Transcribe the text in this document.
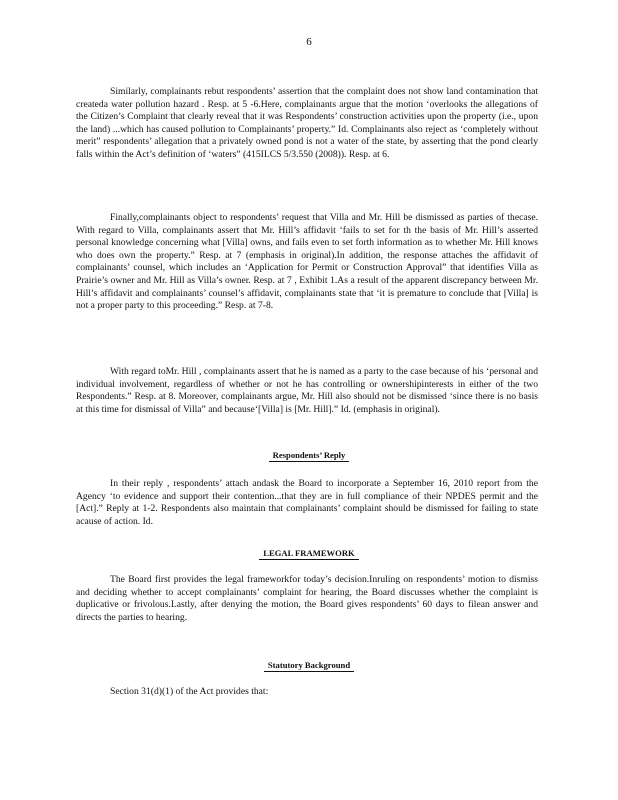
6
Similarly, complainants rebut respondents’ assertion that the complaint does not show land contamination that createda water pollution hazard . Resp. at 5 -6.Here, complainants argue that the motion ‘overlooks the allegations of the Citizen’s Complaint that clearly reveal that it was Respondents’ construction activities upon the property (i.e., upon the land) ...which has caused pollution to Complainants’ property.” Id. Complainants also reject as ‘completely without merit” respondents’ allegation that a privately owned pond is not a water of the state, by asserting that the pond clearly falls within the Act’s definition of ‘waters” (415ILCS 5/3.550 (2008)). Resp. at 6.
Finally,complainants object to respondents’ request that Villa and Mr. Hill be dismissed as parties of thecase. With regard to Villa, complainants assert that Mr. Hill’s affidavit ‘fails to set for th the basis of Mr. Hill’s asserted personal knowledge concerning what [Villa] owns, and fails even to set forth information as to whether Mr. Hill knows who does own the property.” Resp. at 7 (emphasis in original).In addition, the response attaches the affidavit of complainants’ counsel, which includes an ‘Application for Permit or Construction Approval” that identifies Villa as Prairie’s owner and Mr. Hill as Villa’s owner. Resp. at 7 , Exhibit 1.As a result of the apparent discrepancy between Mr. Hill’s affidavit and complainants’ counsel’s affidavit, complainants state that ‘it is premature to conclude that [Villa] is not a proper party to this proceeding.” Resp. at 7-8.
With regard toMr. Hill , complainants assert that he is named as a party to the case because of his ‘personal and individual involvement, regardless of whether or not he has controlling or ownershipinterests in either of the two Respondents.” Resp. at 8. Moreover, complainants argue, Mr. Hill also should not be dismissed ‘since there is no basis at this time for dismissal of Villa” and because‘[Villa] is [Mr. Hill].” Id. (emphasis in original).
Respondents’ Reply
In their reply , respondents’ attach andask the Board to incorporate a September 16, 2010 report from the Agency ‘to evidence and support their contention...that they are in full compliance of their NPDES permit and the [Act].” Reply at 1-2. Respondents also maintain that complainants’ complaint should be dismissed for failing to state acause of action. Id.
LEGAL FRAMEWORK
The Board first provides the legal frameworkfor today’s decision.Inruling on respondents’ motion to dismiss and deciding whether to accept complainants’ complaint for hearing, the Board discusses whether the complaint is duplicative or frivolous.Lastly, after denying the motion, the Board gives respondents’ 60 days to filean answer and directs the parties to hearing.
Statutory Background
Section 31(d)(1) of the Act provides that:
